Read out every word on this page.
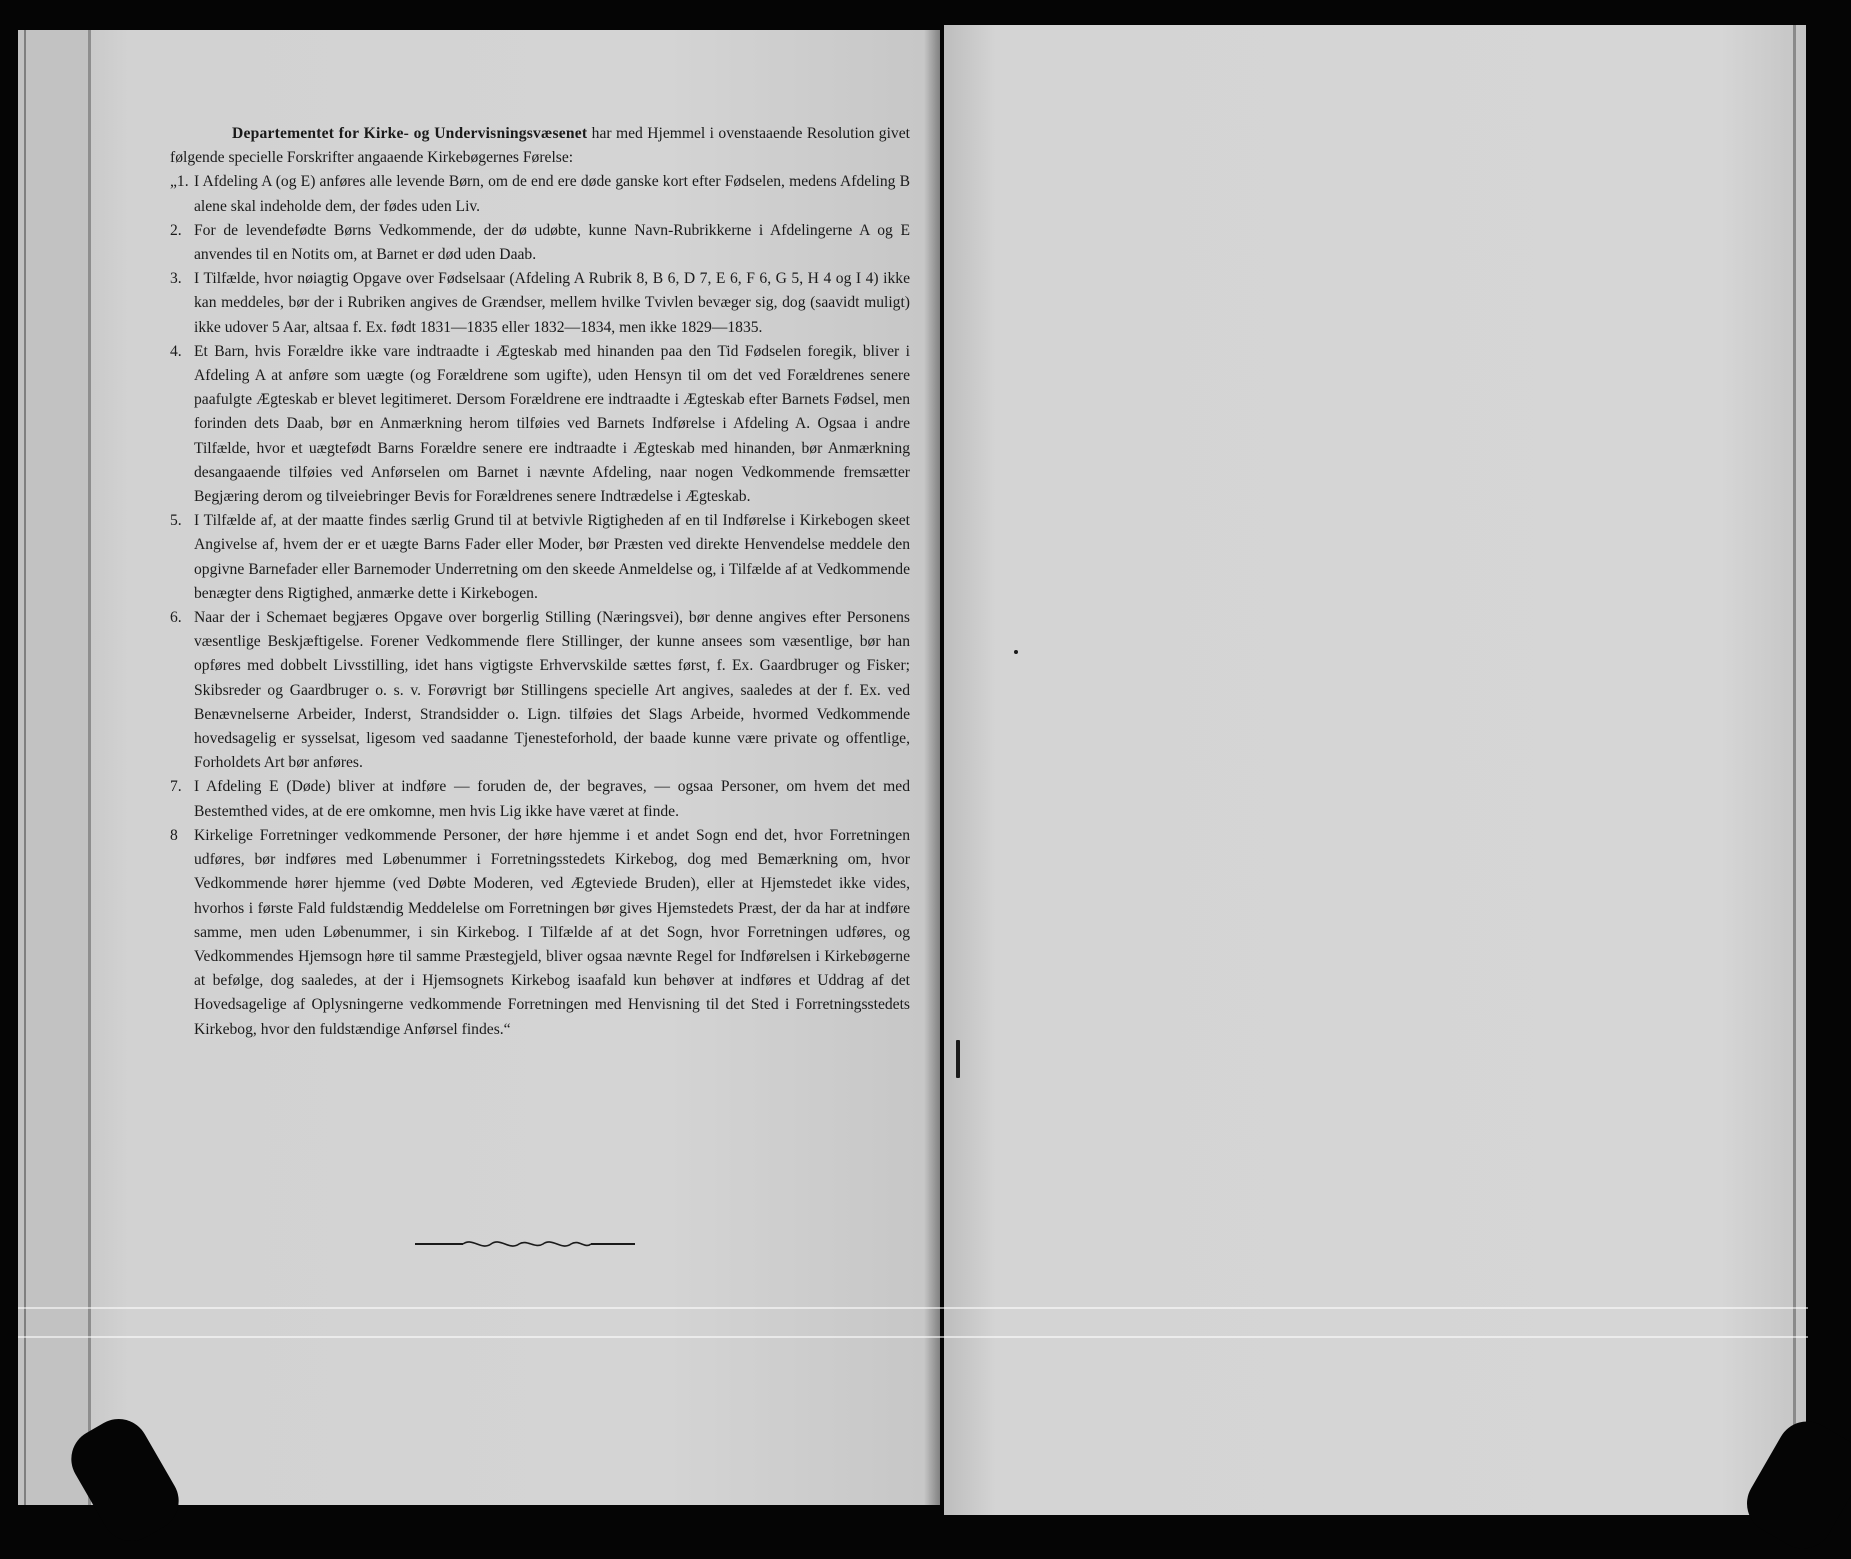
Departementet for Kirke- og Undervisningsvæsenet har med Hjemmel i ovenstaaende Resolution givet følgende specielle Forskrifter angaaende Kirkebøgernes Førelse:

„1. I Afdeling A (og E) anføres alle levende Børn, om de end ere døde ganske kort efter Fødselen, medens Afdeling B alene skal indeholde dem, der fødes uden Liv.

2. For de levendefødte Børns Vedkommende, der dø udøbte, kunne Navn-Rubrikkerne i Afdelingerne A og E anvendes til en Notits om, at Barnet er død uden Daab.

3. I Tilfælde, hvor nøiagtig Opgave over Fødselsaar (Afdeling A Rubrik 8, B 6, D 7, E 6, F 6, G 5, H 4 og I 4) ikke kan meddeles, bør der i Rubriken angives de Grændser, mellem hvilke Tvivlen bevæger sig, dog (saavidt muligt) ikke udover 5 Aar, altsaa f. Ex. født 1831—1835 eller 1832—1834, men ikke 1829—1835.

4. Et Barn, hvis Forældre ikke vare indtraadte i Ægteskab med hinanden paa den Tid Fødselen foregik, bliver i Afdeling A at anføre som uægte (og Forældrene som ugifte), uden Hensyn til om det ved Forældrenes senere paafulgte Ægteskab er blevet legitimeret. Dersom Forældrene ere indtraadte i Ægteskab efter Barnets Fødsel, men forinden dets Daab, bør en Anmærkning herom tilføies ved Barnets Indførelse i Afdeling A. Ogsaa i andre Tilfælde, hvor et uægtefødt Barns Forældre senere ere indtraadte i Ægteskab med hinanden, bør Anmærkning desangaaende tilføies ved Anførselen om Barnet i nævnte Afdeling, naar nogen Vedkommende fremsætter Begjæring derom og tilveiebringer Bevis for Forældrenes senere Indtrædelse i Ægteskab.

5. I Tilfælde af, at der maatte findes særlig Grund til at betvivle Rigtigheden af en til Indførelse i Kirkebogen skeet Angivelse af, hvem der er et uægte Barns Fader eller Moder, bør Præsten ved direkte Henvendelse meddele den opgivne Barnefader eller Barnemoder Underretning om den skeede Anmeldelse og, i Tilfælde af at Vedkommende benægter dens Rigtighed, anmærke dette i Kirkebogen.

6. Naar der i Schemaet begjæres Opgave over borgerlig Stilling (Næringsvei), bør denne angives efter Personens væsentlige Beskjæftigelse. Forener Vedkommende flere Stillinger, der kunne ansees som væsentlige, bør han opføres med dobbelt Livsstilling, idet hans vigtigste Erhvervskilde sættes først, f. Ex. Gaardbruger og Fisker; Skibsreder og Gaardbruger o. s. v. Forøvrigt bør Stillingens specielle Art angives, saaledes at der f. Ex. ved Benævnelserne Arbeider, Inderst, Strandsidder o. Lign. tilføies det Slags Arbeide, hvormed Vedkommende hovedsagelig er sysselsat, ligesom ved saadanne Tjenesteforhold, der baade kunne være private og offentlige, Forholdets Art bør anføres.

7. I Afdeling E (Døde) bliver at indføre — foruden de, der begraves, — ogsaa Personer, om hvem det med Bestemthed vides, at de ere omkomne, men hvis Lig ikke have været at finde.

8 Kirkelige Forretninger vedkommende Personer, der høre hjemme i et andet Sogn end det, hvor Forretningen udføres, bør indføres med Løbenummer i Forretningsstedets Kirkebog, dog med Bemærkning om, hvor Vedkommende hører hjemme (ved Døbte Moderen, ved Ægteviede Bruden), eller at Hjemstedet ikke vides, hvorhos i første Fald fuldstændig Meddelelse om Forretningen bør gives Hjemstedets Præst, der da har at indføre samme, men uden Løbenummer, i sin Kirkebog. I Tilfælde af at det Sogn, hvor Forretningen udføres, og Vedkommendes Hjemsogn høre til samme Præstegjeld, bliver ogsaa nævnte Regel for Indførelsen i Kirkebøgerne at befølge, dog saaledes, at der i Hjemsognets Kirkebog isaafald kun behøver at indføres et Uddrag af det Hovedsagelige af Oplysningerne vedkommende Forretningen med Henvisning til det Sted i Forretningsstedets Kirkebog, hvor den fuldstændige Anførsel findes.“
